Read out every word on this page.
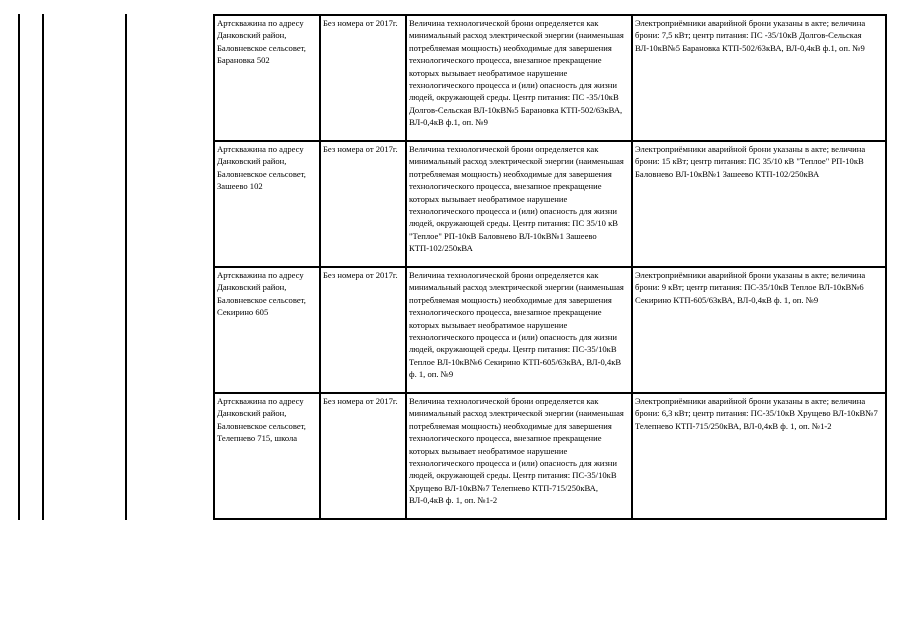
Артскважина по адресу Данковский район, Баловневское сельсовет, Барановка 502	Без номера от 2017г.	Величина технологической брони определяется как минимальный расход электрической энергии (наименьшая потребляемая мощность) необходимые для завершения технологического процесса, внезапное прекращение которых вызывает необратимое нарушение технологического процесса и (или) опасность для жизни людей, окружающей среды. Центр питания: ПС -35/10кВ Долгов-Сельская ВЛ-10кВ№5 Барановка КТП-502/63кВА, ВЛ-0,4кВ ф.1, оп. №9	Электроприёмники аварийной брони указаны в акте; величина брони: 7,5 кВт; центр питания: ПС -35/10кВ Долгов-Сельская ВЛ-10кВ№5 Барановка КТП-502/63кВА, ВЛ-0,4кВ ф.1, оп. №9
Артскважина по адресу Данковский район, Баловневское сельсовет, Зашеево 102	Без номера от 2017г.	Величина технологической брони определяется как минимальный расход электрической энергии (наименьшая потребляемая мощность) необходимые для завершения технологического процесса, внезапное прекращение которых вызывает необратимое нарушение технологического процесса и (или) опасность для жизни людей, окружающей среды. Центр питания: ПС 35/10 кВ "Теплое" РП-10кВ Баловнево ВЛ-10кВ№1 Зашеево КТП-102/250кВА	Электроприёмники аварийной брони указаны в акте; величина брони: 15 кВт; центр питания: ПС 35/10 кВ "Теплое" РП-10кВ Баловнево ВЛ-10кВ№1 Зашеево КТП-102/250кВА
Артскважина по адресу Данковский район, Баловневское сельсовет, Секирино 605	Без номера от 2017г.	Величина технологической брони определяется как минимальный расход электрической энергии (наименьшая потребляемая мощность) необходимые для завершения технологического процесса, внезапное прекращение которых вызывает необратимое нарушение технологического процесса и (или) опасность для жизни людей, окружающей среды. Центр питания: ПС-35/10кВ Теплое ВЛ-10кВ№6 Секирино КТП-605/63кВА, ВЛ-0,4кВ ф. 1, оп. №9	Электроприёмники аварийной брони указаны в акте; величина брони: 9 кВт; центр питания: ПС-35/10кВ Теплое ВЛ-10кВ№6 Секирино КТП-605/63кВА, ВЛ-0,4кВ ф. 1, оп. №9
Артскважина по адресу Данковский район, Баловневское сельсовет, Телепнево 715, школа	Без номера от 2017г.	Величина технологической брони определяется как минимальный расход электрической энергии (наименьшая потребляемая мощность) необходимые для завершения технологического процесса, внезапное прекращение которых вызывает необратимое нарушение технологического процесса и (или) опасность для жизни людей, окружающей среды. Центр питания: ПС-35/10кВ Хрущево ВЛ-10кВ№7 Телепнево КТП-715/250кВА, ВЛ-0,4кВ ф. 1, оп. №1-2	Электроприёмники аварийной брони указаны в акте; величина брони: 6,3 кВт; центр питания: ПС-35/10кВ Хрущево ВЛ-10кВ№7 Телепнево КТП-715/250кВА, ВЛ-0,4кВ ф. 1, оп. №1-2
